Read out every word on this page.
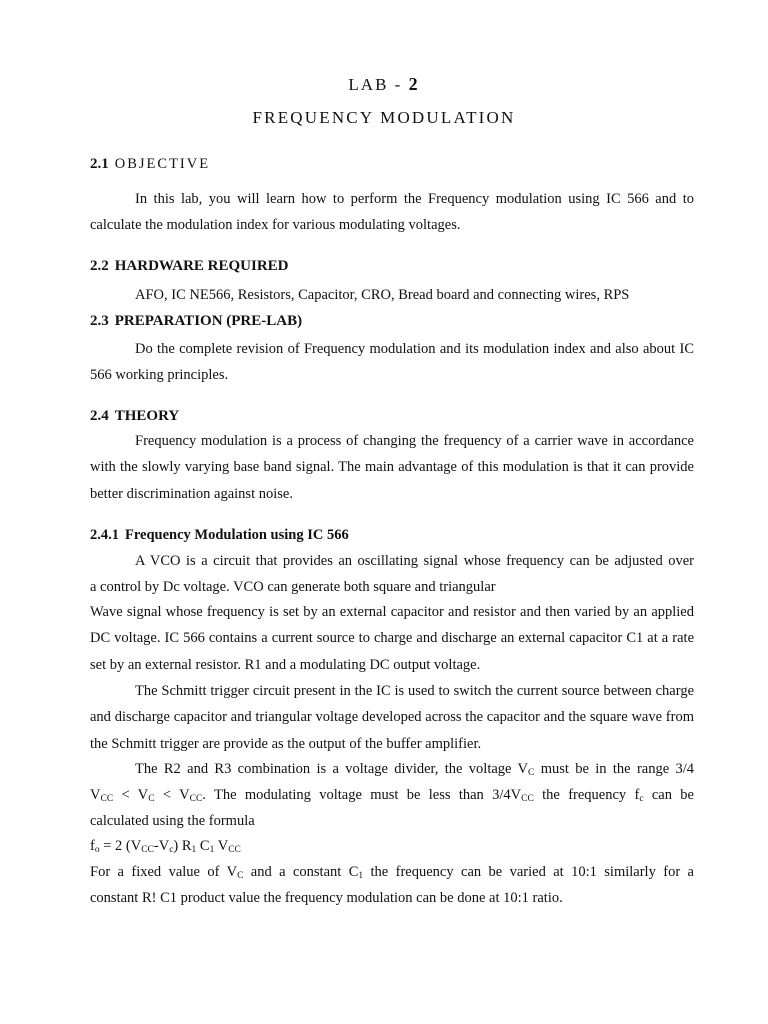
LAB - 2
FREQUENCY MODULATION
2.1 OBJECTIVE

In this lab, you will learn how to perform the Frequency modulation using IC 566 and to calculate the modulation index for various modulating voltages.

2.2 HARDWARE REQUIRED
AFO, IC NE566, Resistors, Capacitor, CRO, Bread board and connecting wires, RPS
2.3 PREPARATION (PRE-LAB)

Do the complete revision of Frequency modulation and its modulation index and also about IC 566 working principles.

2.4 THEORY

Frequency modulation is a process of changing the frequency of a carrier wave in accordance with the slowly varying base band signal. The main advantage of this modulation is that it can provide better discrimination against noise.

2.4.1 Frequency Modulation using IC 566
A VCO is a circuit that provides an oscillating signal whose frequency can be adjusted over
a control by Dc voltage. VCO can generate both square and triangular

Wave signal whose frequency is set by an external capacitor and resistor and then varied by an applied DC voltage. IC 566 contains a current source to charge and discharge an external capacitor C1 at a rate set by an external resistor. R1 and a modulating DC output voltage.

The Schmitt trigger circuit present in the IC is used to switch the current source between charge and discharge capacitor and triangular voltage developed across the capacitor and the square wave from the Schmitt trigger are provide as the output of the buffer amplifier.

The R2 and R3 combination is a voltage divider, the voltage $V_C$ must be in the range 3/4
$V_{CC} < V_C < V_{CC}$. The modulating voltage must be less than $3/4V_{CC}$ the frequency $f_c$ can be
calculated using the formula
$f_o = 2$ $(V_{CC}-V_c)$ $R_1$ $C_1$ $V_{CC}$
For a fixed value of $V_C$ and a constant $C_1$ the frequency can be varied at 10:1 similarly for a
constant R! C1 product value the frequency modulation can be done at 10:1 ratio.
